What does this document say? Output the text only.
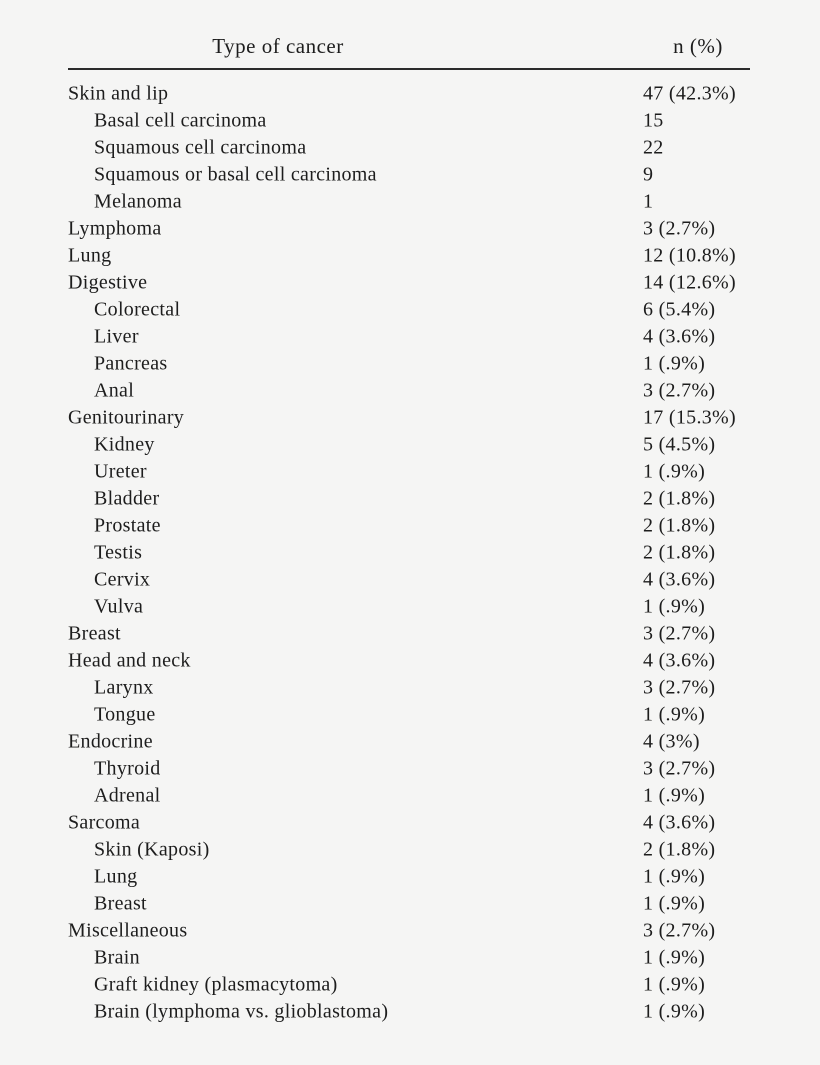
Type of cancer	n (%)
Skin and lip	47 (42.3%)
Basal cell carcinoma	15
Squamous cell carcinoma	22
Squamous or basal cell carcinoma	9
Melanoma	1
Lymphoma	3 (2.7%)
Lung	12 (10.8%)
Digestive	14 (12.6%)
Colorectal	6 (5.4%)
Liver	4 (3.6%)
Pancreas	1 (.9%)
Anal	3 (2.7%)
Genitourinary	17 (15.3%)
Kidney	5 (4.5%)
Ureter	1 (.9%)
Bladder	2 (1.8%)
Prostate	2 (1.8%)
Testis	2 (1.8%)
Cervix	4 (3.6%)
Vulva	1 (.9%)
Breast	3 (2.7%)
Head and neck	4 (3.6%)
Larynx	3 (2.7%)
Tongue	1 (.9%)
Endocrine	4 (3%)
Thyroid	3 (2.7%)
Adrenal	1 (.9%)
Sarcoma	4 (3.6%)
Skin (Kaposi)	2 (1.8%)
Lung	1 (.9%)
Breast	1 (.9%)
Miscellaneous	3 (2.7%)
Brain	1 (.9%)
Graft kidney (plasmacytoma)	1 (.9%)
Brain (lymphoma vs. glioblastoma)	1 (.9%)
